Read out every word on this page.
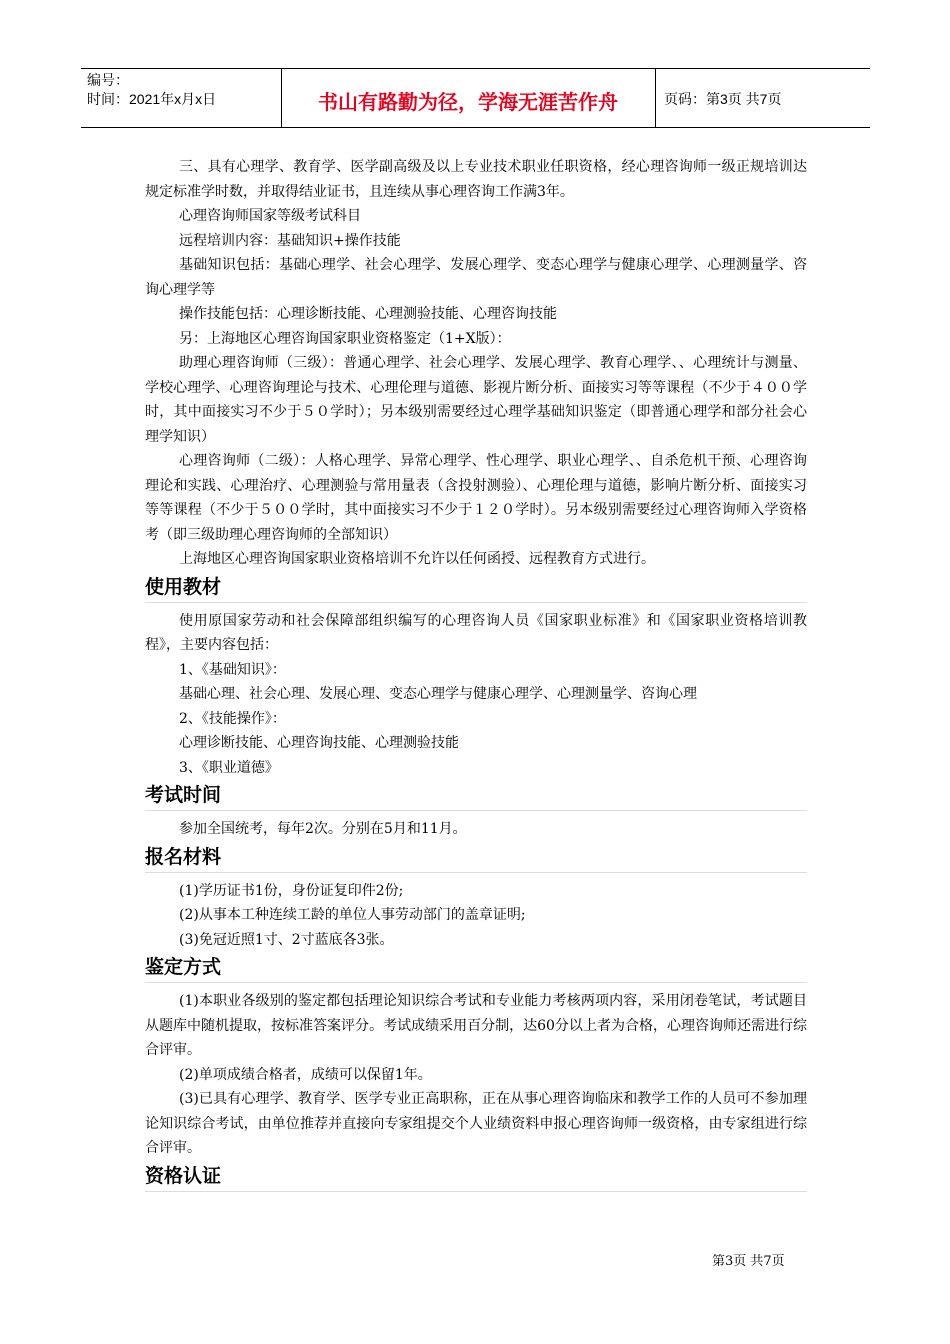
编号：
时间：2021年x月x日	书山有路勤为径，学海无涯苦作舟	页码：第3页 共7页

三、具有心理学、教育学、医学副高级及以上专业技术职业任职资格，经心理咨询师一级正规培训达规定标准学时数，并取得结业证书，且连续从事心理咨询工作满3年。

心理咨询师国家等级考试科目

远程培训内容：基础知识+操作技能

基础知识包括：基础心理学、社会心理学、发展心理学、变态心理学与健康心理学、心理测量学、咨询心理学等

操作技能包括：心理诊断技能、心理测验技能、心理咨询技能

另：上海地区心理咨询国家职业资格鉴定（1+X版）：

助理心理咨询师（三级）：普通心理学、社会心理学、发展心理学、教育心理学、、心理统计与测量、学校心理学、心理咨询理论与技术、心理伦理与道德、影视片断分析、面接实习等等课程（不少于４００学时，其中面接实习不少于５０学时）；另本级别需要经过心理学基础知识鉴定（即普通心理学和部分社会心理学知识）

心理咨询师（二级）：人格心理学、异常心理学、性心理学、职业心理学、、自杀危机干预、心理咨询理论和实践、心理治疗、心理测验与常用量表（含投射测验）、心理伦理与道德，影响片断分析、面接实习等等课程（不少于５００学时，其中面接实习不少于１２０学时）。另本级别需要经过心理咨询师入学资格考（即三级助理心理咨询师的全部知识）

上海地区心理咨询国家职业资格培训不允许以任何函授、远程教育方式进行。

使用教材

使用原国家劳动和社会保障部组织编写的心理咨询人员《国家职业标准》和《国家职业资格培训教程》，主要内容包括：

1、《基础知识》：

基础心理、社会心理、发展心理、变态心理学与健康心理学、心理测量学、咨询心理

2、《技能操作》：

心理诊断技能、心理咨询技能、心理测验技能

3、《职业道德》

考试时间

参加全国统考，每年2次。分别在5月和11月。

报名材料

(1)学历证书1份，身份证复印件2份;

(2)从事本工种连续工龄的单位人事劳动部门的盖章证明;

(3)免冠近照1寸、2寸蓝底各3张。

鉴定方式

(1)本职业各级别的鉴定都包括理论知识综合考试和专业能力考核两项内容，采用闭卷笔试，考试题目从题库中随机提取，按标准答案评分。考试成绩采用百分制，达60分以上者为合格，心理咨询师还需进行综合评审。

(2)单项成绩合格者，成绩可以保留1年。

(3)已具有心理学、教育学、医学专业正高职称，正在从事心理咨询临床和教学工作的人员可不参加理论知识综合考试，由单位推荐并直接向专家组提交个人业绩资料申报心理咨询师一级资格，由专家组进行综合评审。

资格认证
第3页 共7页
